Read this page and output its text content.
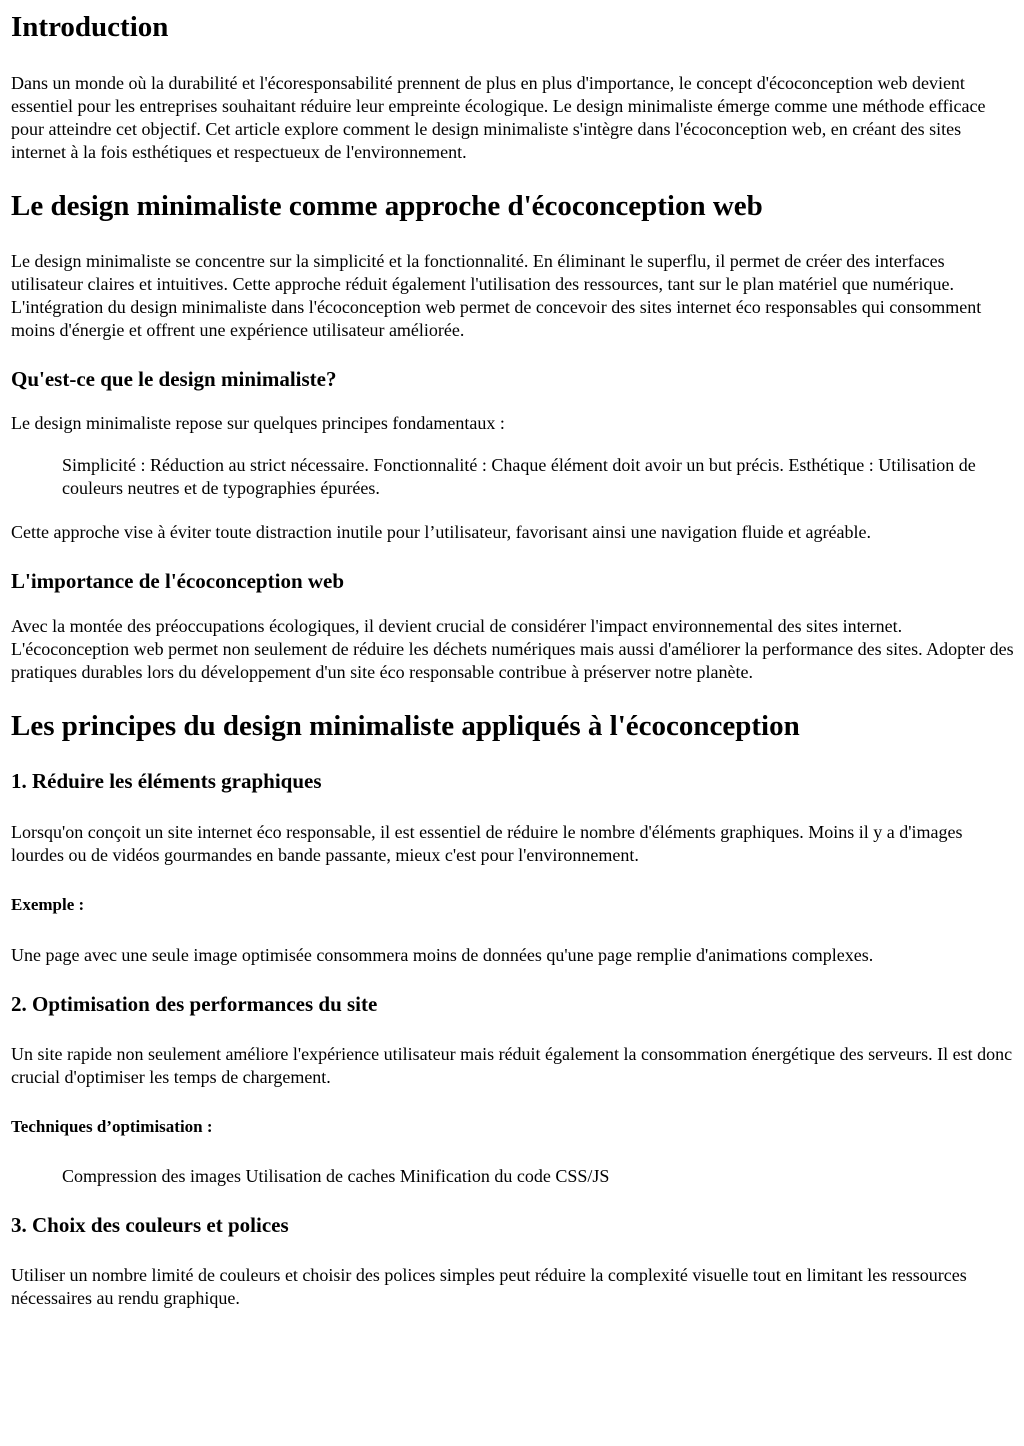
Introduction

Dans un monde où la durabilité et l'écoresponsabilité prennent de plus en plus d'importance, le concept d'écoconception web devient essentiel pour les entreprises souhaitant réduire leur empreinte écologique. Le design minimaliste émerge comme une méthode efficace pour atteindre cet objectif. Cet article explore comment le design minimaliste s'intègre dans l'écoconception web, en créant des sites internet à la fois esthétiques et respectueux de l'environnement.

Le design minimaliste comme approche d'écoconception web

Le design minimaliste se concentre sur la simplicité et la fonctionnalité. En éliminant le superflu, il permet de créer des interfaces utilisateur claires et intuitives. Cette approche réduit également l'utilisation des ressources, tant sur le plan matériel que numérique. L'intégration du design minimaliste dans l'écoconception web permet de concevoir des sites internet éco responsables qui consomment moins d'énergie et offrent une expérience utilisateur améliorée.

Qu'est-ce que le design minimaliste?

Le design minimaliste repose sur quelques principes fondamentaux :

Simplicité : Réduction au strict nécessaire. Fonctionnalité : Chaque élément doit avoir un but précis. Esthétique : Utilisation de couleurs neutres et de typographies épurées.

Cette approche vise à éviter toute distraction inutile pour l’utilisateur, favorisant ainsi une navigation fluide et agréable.

L'importance de l'écoconception web

Avec la montée des préoccupations écologiques, il devient crucial de considérer l'impact environnemental des sites internet. L'écoconception web permet non seulement de réduire les déchets numériques mais aussi d'améliorer la performance des sites. Adopter des pratiques durables lors du développement d'un site éco responsable contribue à préserver notre planète.

Les principes du design minimaliste appliqués à l'écoconception
1. Réduire les éléments graphiques

Lorsqu'on conçoit un site internet éco responsable, il est essentiel de réduire le nombre d'éléments graphiques. Moins il y a d'images lourdes ou de vidéos gourmandes en bande passante, mieux c'est pour l'environnement.

Exemple :

Une page avec une seule image optimisée consommera moins de données qu'une page remplie d'animations complexes.

2. Optimisation des performances du site

Un site rapide non seulement améliore l'expérience utilisateur mais réduit également la consommation énergétique des serveurs. Il est donc crucial d'optimiser les temps de chargement.

Techniques d’optimisation :
Compression des images Utilisation de caches Minification du code CSS/JS
3. Choix des couleurs et polices

Utiliser un nombre limité de couleurs et choisir des polices simples peut réduire la complexité visuelle tout en limitant les ressources nécessaires au rendu graphique.
